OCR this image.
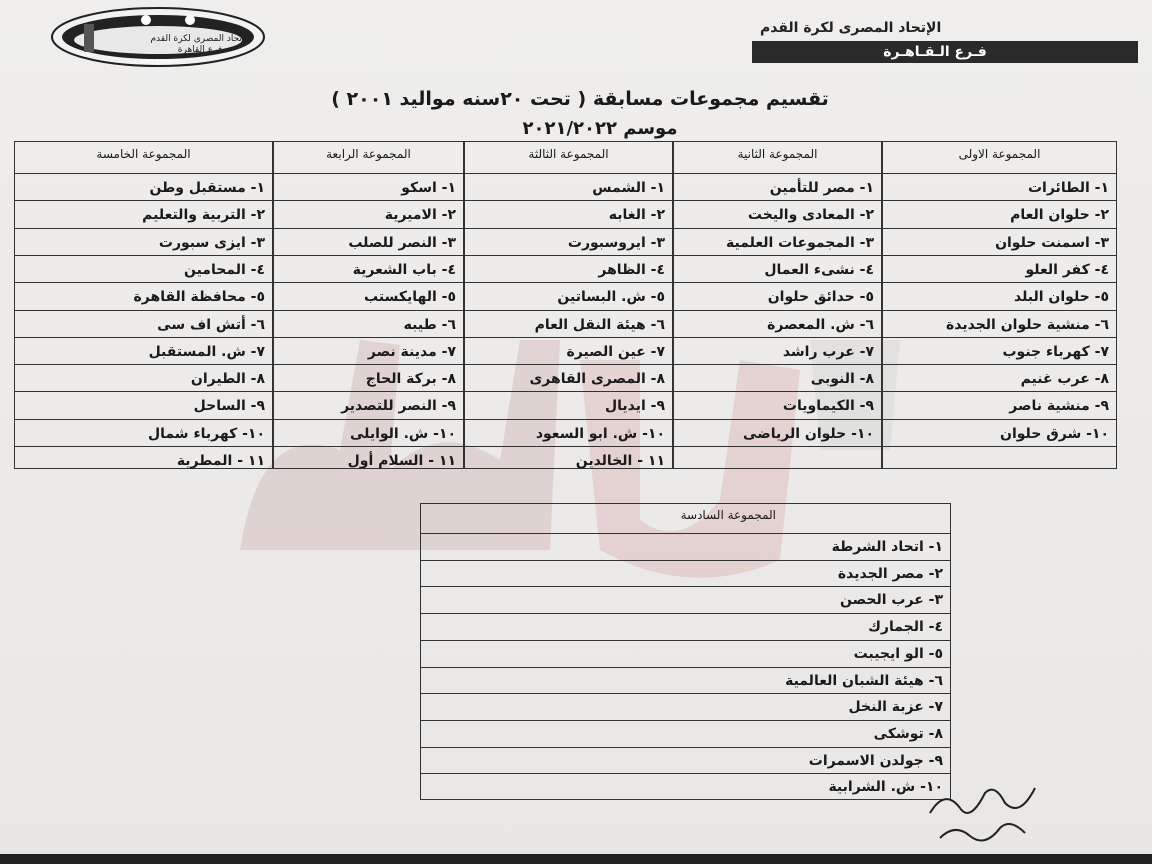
الاتحاد المصرى لكرة القدم
فرع القاهرة
CAIRO BRANCH
الإتحاد المصرى لكرة القدم
فـرع الـقـاهـرة
تقسيم مجموعات مسابقة ( تحت ٢٠سنه مواليد ٢٠٠١ )
موسم ٢٠٢١/٢٠٢٢
المجموعة الاولى
١- الطائرات
٢- حلوان العام
٣- اسمنت حلوان
٤- كفر العلو
٥- حلوان البلد
٦- منشية حلوان الجديدة
٧- كهرباء جنوب
٨- عرب غنيم
٩- منشية ناصر
١٠- شرق حلوان
المجموعة الثانية
١- مصر للتأمين
٢- المعادى واليخت
٣- المجموعات العلمية
٤- نشىء العمال
٥- حدائق حلوان
٦- ش. المعصرة
٧- عرب راشد
٨- النوبى
٩- الكيماويات
١٠- حلوان الرياضى
المجموعة الثالثة
١- الشمس
٢- الغابه
٣- ايروسبورت
٤- الظاهر
٥- ش. البساتين
٦- هيئة النقل العام
٧- عين الصيرة
٨- المصرى القاهرى
٩- ايديال
١٠- ش. ابو السعود
١١ - الخالدين
المجموعة الرابعة
١- اسكو
٢- الاميرية
٣- النصر للصلب
٤- باب الشعرية
٥- الهايكستب
٦- طيبه
٧- مدينة نصر
٨- بركة الحاج
٩- النصر للتصدير
١٠- ش. الوايلى
١١ - السلام أول
المجموعة الخامسة
١- مستقبل وطن
٢- التربية والتعليم
٣- ايزى سبورت
٤- المحامين
٥- محافظة القاهرة
٦- أتش اف سى
٧- ش. المستقبل
٨- الطيران
٩- الساحل
١٠- كهرباء شمال
١١ - المطرية
المجموعة السادسة
١- اتحاد الشرطة
٢- مصر الجديدة
٣- عرب الحصن
٤- الجمارك
٥- الو ايجيبت
٦- هيئة الشبان العالمية
٧- عزبة النخل
٨- توشكى
٩- جولدن الاسمرات
١٠- ش. الشرابية
